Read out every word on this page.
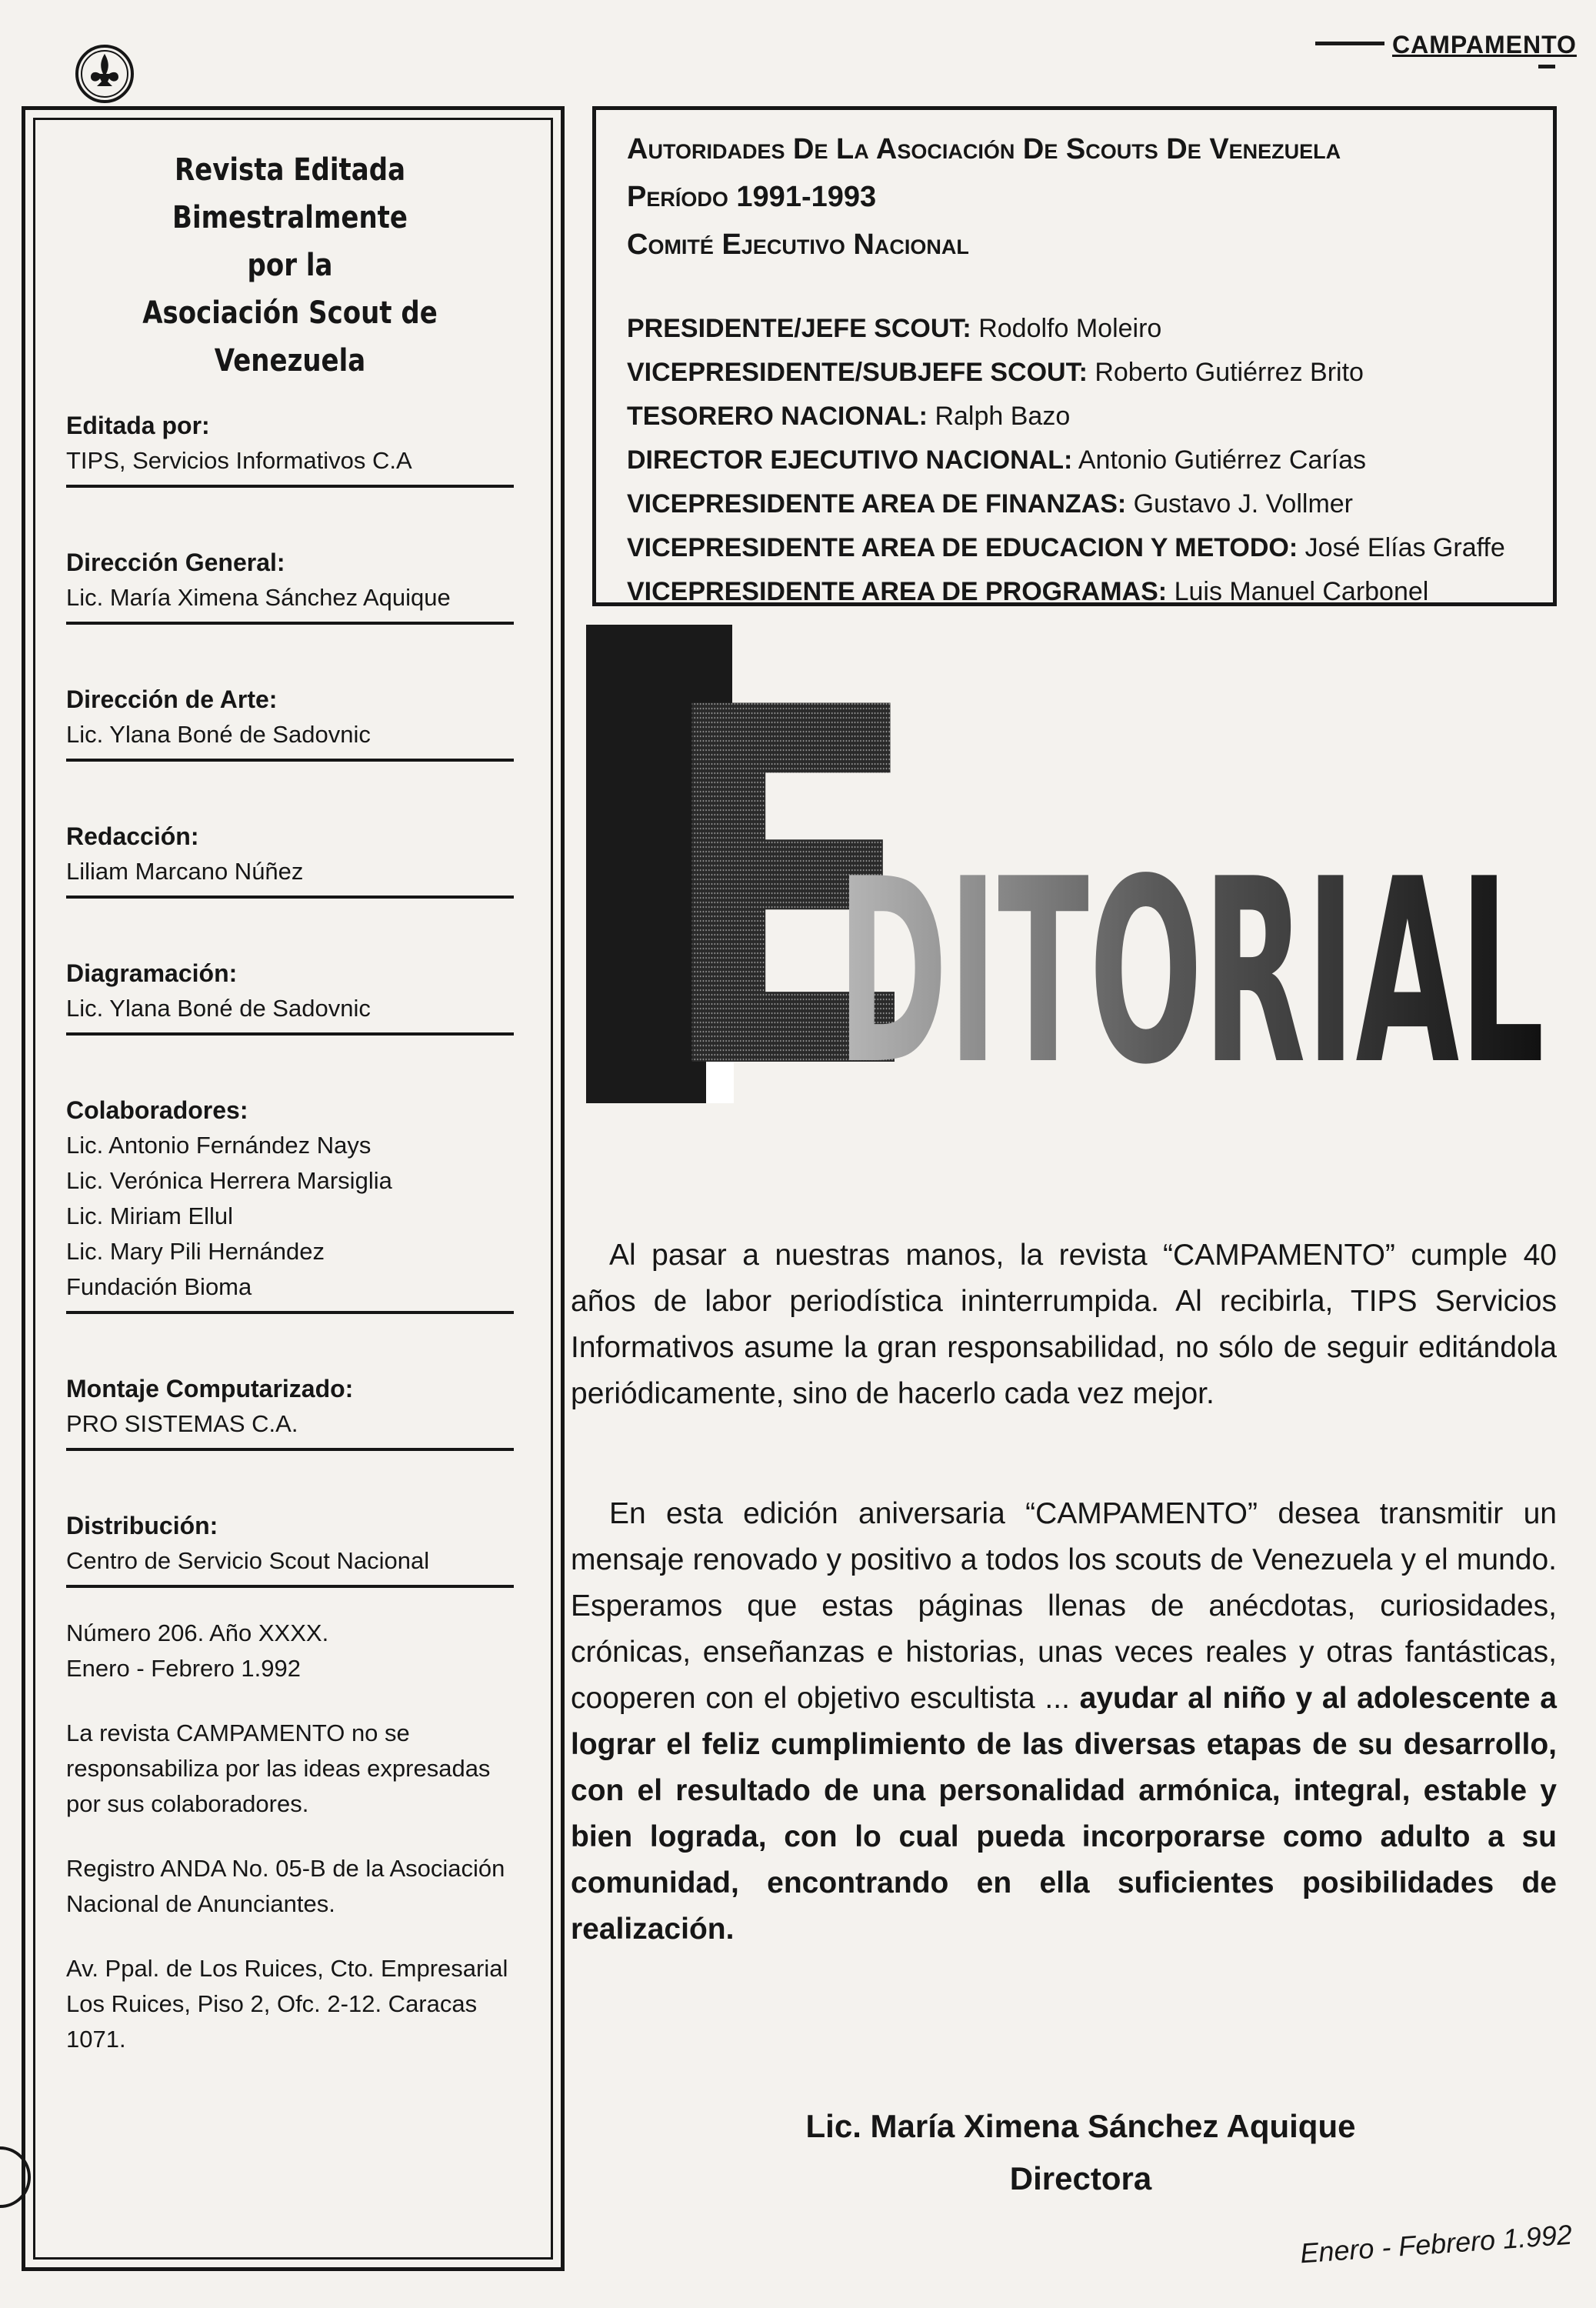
CAMPAMENTO
Revista Editada
Bimestralmente
por la
Asociación Scout de Venezuela
Editada por:
TIPS, Servicios Informativos C.A
Dirección General:
Lic. María Ximena Sánchez Aquique
Dirección de Arte:
Lic. Ylana Boné de Sadovnic
Redacción:
Liliam Marcano Núñez
Diagramación:
Lic. Ylana Boné de Sadovnic
Colaboradores:
Lic. Antonio Fernández Nays
Lic. Verónica Herrera Marsiglia
Lic. Miriam Ellul
Lic. Mary Pili Hernández
Fundación Bioma
Montaje Computarizado:
PRO SISTEMAS C.A.
Distribución:
Centro de Servicio Scout Nacional
Número 206. Año XXXX.
Enero - Febrero 1.992
La revista CAMPAMENTO no se responsabiliza por las ideas expresadas por sus colaboradores.
Registro ANDA No. 05-B de la Asociación Nacional de Anunciantes.
Av. Ppal. de Los Ruices, Cto. Empresarial Los Ruices, Piso 2, Ofc. 2-12. Caracas 1071.
Autoridades De La Asociación De Scouts De Venezuela
Período 1991-1993
Comité Ejecutivo Nacional
PRESIDENTE/JEFE SCOUT: Rodolfo Moleiro
VICEPRESIDENTE/SUBJEFE SCOUT: Roberto Gutiérrez Brito
TESORERO NACIONAL: Ralph Bazo
DIRECTOR EJECUTIVO NACIONAL: Antonio Gutiérrez Carías
VICEPRESIDENTE AREA DE FINANZAS: Gustavo J. Vollmer
VICEPRESIDENTE AREA DE EDUCACION Y METODO: José Elías Graffe
VICEPRESIDENTE AREA DE PROGRAMAS: Luis Manuel Carbonel
E
DITORIAL
Al pasar a nuestras manos, la revista “CAMPAMENTO” cumple 40 años de labor periodística ininterrumpida. Al recibirla, TIPS Servicios Informativos asume la gran responsabilidad, no sólo de seguir editándola periódicamente, sino de hacerlo cada vez mejor.
En esta edición aniversaria “CAMPAMENTO” desea transmitir un mensaje renovado y positivo a todos los scouts de Venezuela y el mundo. Esperamos que estas páginas llenas de anécdotas, curiosidades, crónicas, enseñanzas e historias, unas veces reales y otras fantásticas, cooperen con el objetivo escultista ... ayudar al niño y al adolescente a lograr el feliz cumplimiento de las diversas etapas de su desarrollo, con el resultado de una personalidad armónica, integral, estable y bien lograda, con lo cual pueda incorporarse como adulto a su comunidad, encontrando en ella suficientes posibilidades de realización.
Lic. María Ximena Sánchez Aquique
Directora
Enero - Febrero 1.992
